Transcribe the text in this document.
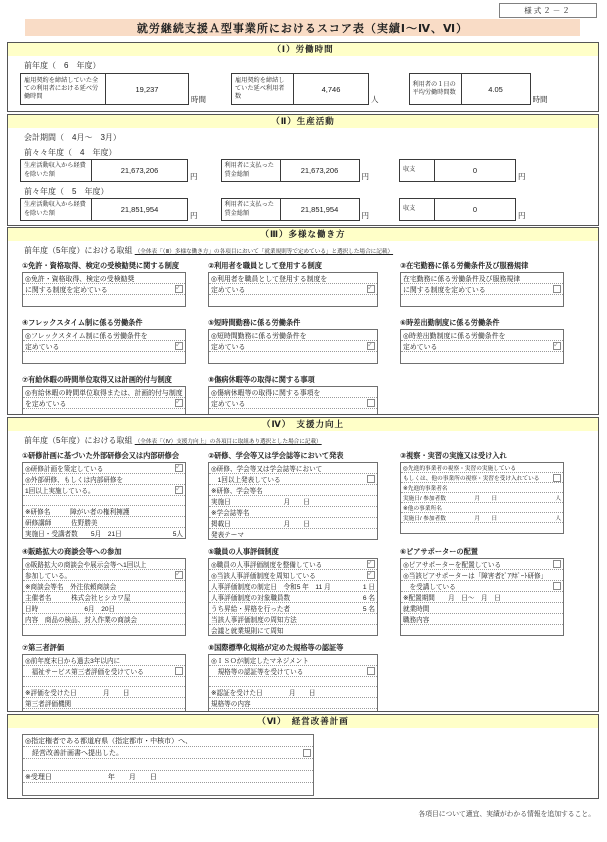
様式２－２
就労継続支援Ａ型事業所におけるスコア表（実績Ⅰ～Ⅳ、Ⅵ）
（Ⅰ）労働時間
前年度（　6　年度）
雇用契約を締結していた全ての利用者における延べ労働時間
19,237
時間
雇用契約を締結していた延べ利用者数
4,746
人
利用者の１日の平均労働時間数	4.05
時間
（Ⅱ）生産活動
会計期間（　4月～　3月）
前々々年度（　4　年度）
生産活動収入から経費を除いた額	21,673,206
円
利用者に支払った賃金総額	21,673,206
円
収支	0
円
前々年度（　5　年度）
生産活動収入から経費を除いた額	21,851,954
円
利用者に支払った賃金総額	21,851,954
円
収支	0
円
（Ⅲ）多様な働き方
前年度（5年度）における取組 （全体表「（Ⅲ）多様な働き方」の各項目において「就業規則等で定めている」と選択した場合に記載）
①免許・資格取得、検定の受検勧奨に関する制度
◎免許・資格取得、検定の受検勧奨
に関する制度を定めている
✓

②利用者を職員として登用する制度
◎利用者を職員として登用する制度を
定めている
✓

③在宅勤務に係る労働条件及び服務規律
在宅勤務に係る労働条件及び服務規律
に関する制度を定めている

④フレックスタイム制に係る労働条件
◎フレックスタイム制に係る労働条件を
定めている
✓

⑤短時間勤務に係る労働条件
◎短時間勤務に係る労働条件を
定めている
✓

⑥時差出勤制度に係る労働条件
◎時差出勤制度に係る労働条件を
定めている
✓

⑦有給休暇の時間単位取得又は計画的付与制度
◎有給休暇の時間単位取得または、計画的付与制度
を定めている
✓

⑧傷病休暇等の取得に関する事項
◎傷病休暇等の取得に関する事項を
定めている

（Ⅳ）　支援力向上
前年度（5年度）における取組 （全体表「（Ⅳ）支援力向上」の各項目に取組あり選択とした場合に記載）
①研修計画に基づいた外部研修会又は内部研修会
◎研修計画を策定している
✓
◎外部研修、もしくは内部研修を
1回以上実施している。
✓

※研修名　　　障がい者の権利擁護
研修講師　　　佐野勝美
実施日・受講者数　　5月　21日	5人
②研修、学会等又は学会誌等において発表
◎研修、学会等又は学会誌等において
　1回以上発表している
※研修、学会等名
実施日　　　　　　　　月　　日
※学会誌等名
掲載日　　　　　　　　月　　日
発表テーマ
③視察・実習の実施又は受け入れ
◎先進的事業者の視察・実習の実施している
もしくは、他の事業所の視察・実習を受け入れている
※先進的事業者名
実施日/ 参加者数　　　　　月　　日	人
※他の事業所名
実施日/ 参加者数　　　　　月　　日	人

④販路拡大の商談会等への参加
◎販路拡大の商談会や展示会等へ1回以上
参加している。
✓
※商談会等名　外注依頼商談会
主催者名　　　株式会社ヒシカワ屋
日時　　　　　　　6月　20日
内容　商品の検品、封入作業の商談会

⑤職員の人事評価制度
◎職員の人事評価制度を整備している
✓
◎当該人事評価制度を周知している
✓
人事評価制度の制定日　令和5 年　11 月	1 日
人事評価制度の対象職員数	6 名
うち昇給・昇格を行った者	5 名
当該人事評価制度の周知方法
会議と就業規則にて周知
⑥ピアサポーターの配置
◎ピアサポーターを配置している
◎当該ピアサポーターは「障害者ﾋﾟｱｻﾎﾟｰﾄ研修」
　を受講している
※配置期間　　月　日～　月　日
就業時間
職務内容

⑦第三者評価
◎前年度末日から過去3年以内に
　福祉サービス第三者評価を受けている

※評価を受けた日　　　　月　　日
第三者評価機関

⑧国際標準化規格が定めた規格等の認証等
◎ＩＳＯが制定したマネジメント
　規格等の認証等を受けている

※認証を受けた日　　　　月　　日
規格等の内容

（Ⅵ）　経営改善計画
◎指定権者である都道府県（指定都市・中核市）へ、
　経営改善計画書へ提出した。

※受理日　　　　　　　　年　　月　　日

各項目について適宜、実績がわかる情報を追加すること。
